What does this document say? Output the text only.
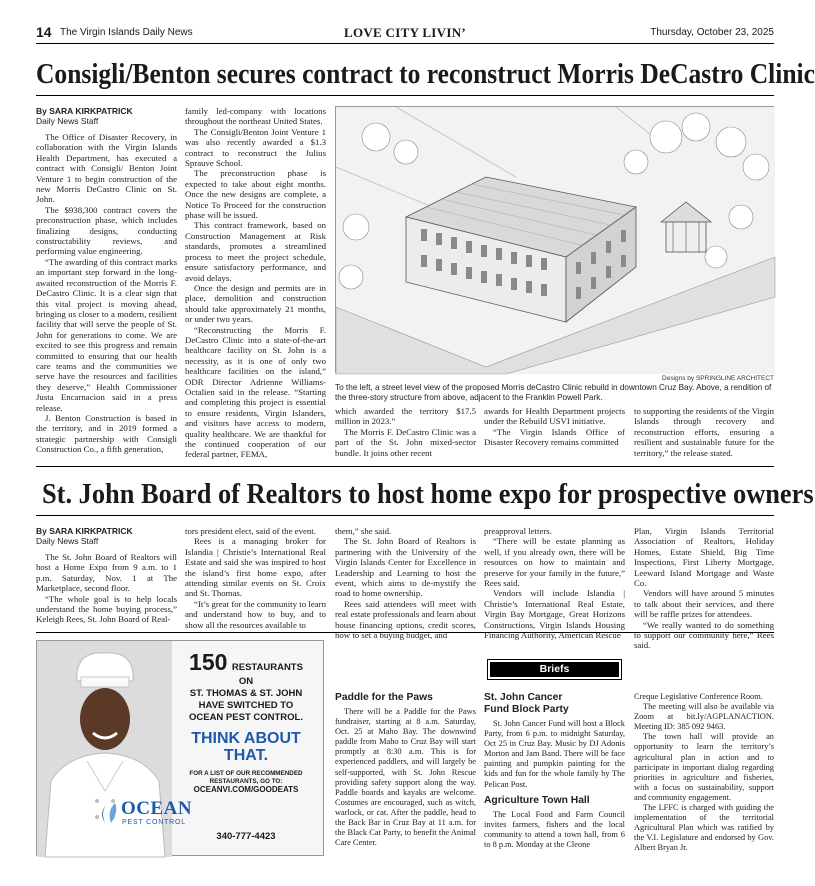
14 The Virgin Islands Daily News	LOVE CITY LIVIN’	Thursday, October 23, 2025
Consigli/Benton secures contract to reconstruct Morris DeCastro Clinic
By SARA KIRKPATRICK
Daily News Staff

The Office of Disaster Recovery, in collaboration with the Virgin Islands Health Department, has executed a contract with Consigli/ Benton Joint Venture 1 to begin construction of the new Morris DeCastro Clinic on St. John.

The $938,300 contract covers the preconstruction phase, which includes finalizing designs, conducting constructability reviews, and performing value engineering.

“The awarding of this contract marks an important step forward in the long-awaited reconstruction of the Morris F. DeCastro Clinic. It is a clear sign that this vital project is moving ahead, bringing us closer to a modern, resilient facility that will serve the people of St. John for generations to come. We are excited to see this progress and remain committed to ensuring that our health care teams and the communities we serve have the resources and facilities they deserve,” Health Commissioner Justa Encarnacion said in a press release.

J. Benton Construction is based in the territory, and in 2019 formed a strategic partnership with Consigli Construction Co., a fifth generation,

family led-company with locations throughout the northeast United States.

The Consigli/Benton Joint Venture 1 was also recently awarded a $1.3 contract to reconstruct the Julius Sprauve School.

The preconstruction phase is expected to take about eight months. Once the new designs are complete, a Notice To Proceed for the construction phase will be issued.

This contract framework, based on Construction Management at Risk standards, promotes a streamlined process to meet the project schedule, ensure satisfactory performance, and avoid delays.

Once the design and permits are in place, demolition and construction should take approximately 21 months, or under two years.

“Reconstructing the Morris F. DeCastro Clinic into a state-of-the-art healthcare facility on St. John is a necessity, as it is one of only two healthcare facilities on the island,” ODR Director Adrienne Williams-Octalien said in the release. “Starting and completing this project is essential to ensure residents, Virgin Islanders, and visitors have access to modern, quality healthcare. We are thankful for the continued cooperation of our federal partner, FEMA,

Designs by SPRINGLINE ARCHITECT
To the left, a street level view of the proposed Morris deCastro Clinic rebuild in downtown Cruz Bay. Above, a rendition of the three-story structure from above, adjacent to the Franklin Powell Park.

which awarded the territory $17.5 million in 2023.”

The Morris F. DeCastro Clinic was a part of the St. John mixed-sector bundle. It joins other recent

awards for Health Department projects under the Rebuild USVI initiative.

“The Virgin Islands Office of Disaster Recovery remains committed

to supporting the residents of the Virgin Islands through recovery and reconstruction efforts, ensuring a resilient and sustainable future for the territory,” the release stated.

St. John Board of Realtors to host home expo for prospective owners
By SARA KIRKPATRICK
Daily News Staff

The St. John Board of Realtors will host a Home Expo from 9 a.m. to 1 p.m. Saturday, Nov. 1 at The Marketplace, second floor.

“The whole goal is to help locals understand the home buying process,” Keleigh Rees, St. John Board of Real-

tors president elect, said of the event.

Rees is a managing broker for Islandia | Christie’s International Real Estate and said she was inspired to host the island’s first home expo, after attending similar events on St. Croix and St. Thomas.

“It’s great for the community to learn and understand how to buy, and to show all the resources available to

them,” she said.

The St. John Board of Realtors is partnering with the University of the Virgin Islands Center for Excellence in Leadership and Learning to host the event, which aims to de-mystify the road to home ownership.

Rees said attendees will meet with real estate professionals and learn about house financing options, credit scores, how to set a buying budget, and

preapproval letters.

“There will be estate planning as well, if you already own, there will be resources on how to maintain and preserve for your family in the future,” Rees said.

Vendors will include Islandia | Christie’s International Real Estate, Virgin Bay Mortgage, Great Horizons Constructions, Virgin Islands Housing Financing Authority, American Rescue

Plan, Virgin Islands Territorial Association of Realtors, Holiday Homes, Estate Shield, Big Time Inspections, First Liberty Mortgage, Leeward Island Mortgage and Waste Co.

Vendors will have around 5 minutes to talk about their services, and there will be raffle prizes for attendees.

“We really wanted to do something to support our community here,” Rees said.

150 RESTAURANTS
ON
ST. THOMAS & ST. JOHN
HAVE SWITCHED TO
OCEAN PEST CONTROL.
THINK ABOUT
THAT.
FOR A LIST OF OUR RECOMMENDED
RESTAURANTS, GO TO:
OCEANVI.COM/GOODEATS
OCEAN
PEST CONTROL
340-777-4423
Briefs
Paddle for the Paws

There will be a Paddle for the Paws fundraiser, starting at 8 a.m. Saturday, Oct. 25 at Maho Bay. The downwind paddle from Maho to Cruz Bay will start promptly at 8:30 a.m. This is for experienced paddlers, and will largely be self-supported, with St. John Rescue providing safety support along the way. Paddle boards and kayaks are welcome. Costumes are encouraged, such as witch, warlock, or cat. After the paddle, head to the Back Bar in Cruz Bay at 11 a.m. for the Black Cat Party, to benefit the Animal Care Center.

St. John Cancer
Fund Block Party

St. John Cancer Fund will host a Block Party, from 6 p.m. to midnight Saturday, Oct 25 in Cruz Bay. Music by DJ Adonis Morton and Jam Band. There will be face painting and pumpkin painting for the kids and fun for the whole family by The Pelican Post.

Agriculture Town Hall

The Local Food and Farm Council invites farmers, fishers and the local community to attend a town hall, from 6 to 8 p.m. Monday at the Cleone

Creque Legislative Conference Room.

The meeting will also be available via Zoom at bit.ly/AGPLANACTION. Meeting ID: 385 092 9463.

The town hall will provide an opportunity to learn the territory’s agricultural plan in action and to participate in important dialog regarding priorities in agriculture and fisheries, with a focus on sustainability, support and community engagement.

The LFFC is charged with guiding the implementation of the territorial Agricultural Plan which was ratified by the V.I. Legislature and endorsed by Gov. Albert Bryan Jr.
